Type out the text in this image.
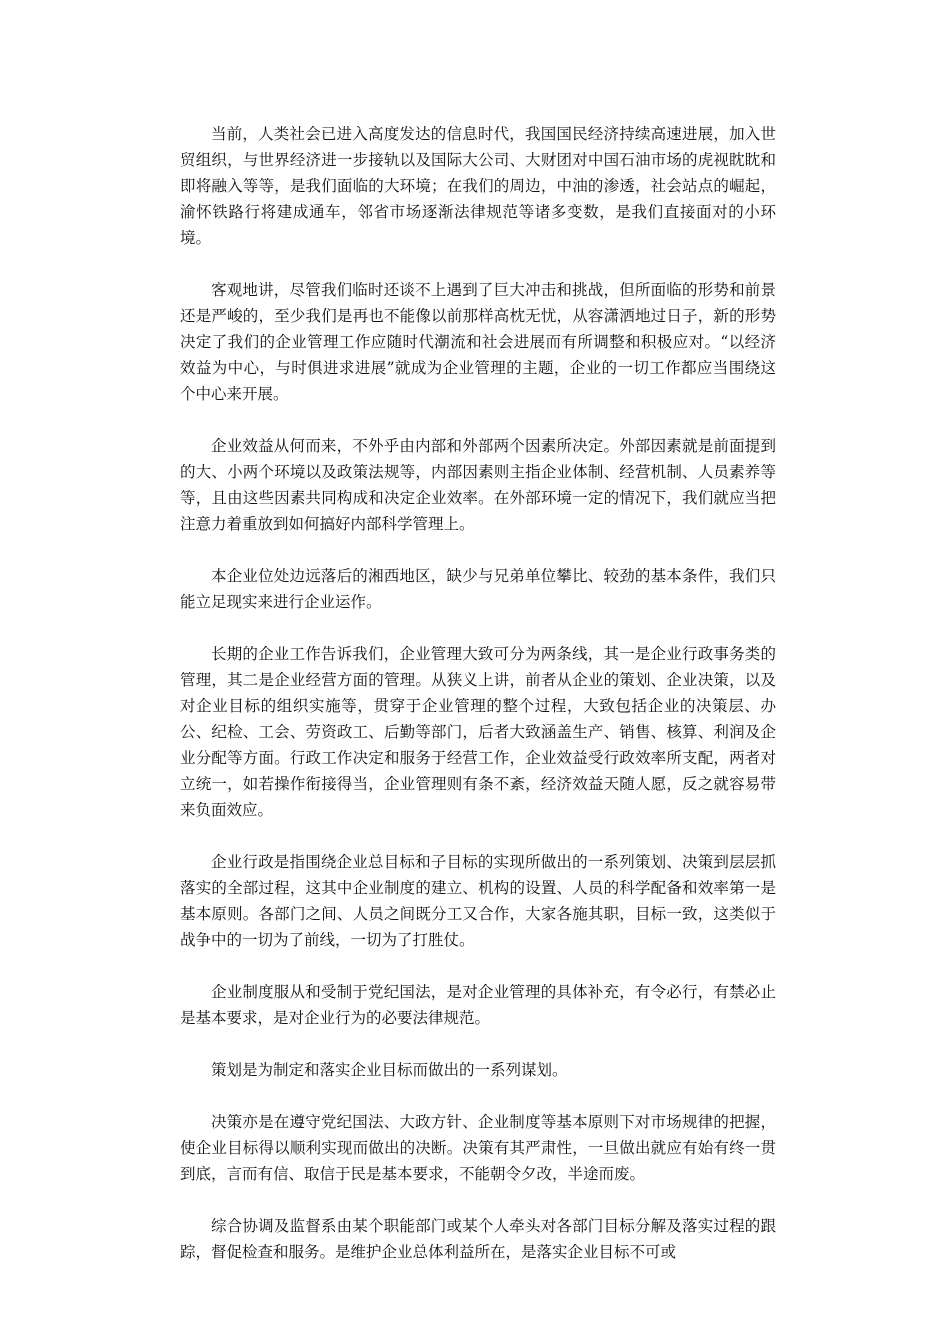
当前，人类社会已进入高度发达的信息时代，我国国民经济持续高速进展，加入世贸组织，与世界经济进一步接轨以及国际大公司、大财团对中国石油市场的虎视眈眈和即将融入等等，是我们面临的大环境；在我们的周边，中油的渗透，社会站点的崛起，渝怀铁路行将建成通车，邻省市场逐渐法律规范等诸多变数，是我们直接面对的小环境。

客观地讲，尽管我们临时还谈不上遇到了巨大冲击和挑战，但所面临的形势和前景还是严峻的，至少我们是再也不能像以前那样高枕无忧，从容潇洒地过日子，新的形势决定了我们的企业管理工作应随时代潮流和社会进展而有所调整和积极应对。“以经济效益为中心，与时俱进求进展”就成为企业管理的主题，企业的一切工作都应当围绕这个中心来开展。

企业效益从何而来，不外乎由内部和外部两个因素所决定。外部因素就是前面提到的大、小两个环境以及政策法规等，内部因素则主指企业体制、经营机制、人员素养等等，且由这些因素共同构成和决定企业效率。在外部环境一定的情况下，我们就应当把注意力着重放到如何搞好内部科学管理上。

本企业位处边远落后的湘西地区，缺少与兄弟单位攀比、较劲的基本条件，我们只能立足现实来进行企业运作。

长期的企业工作告诉我们，企业管理大致可分为两条线，其一是企业行政事务类的管理，其二是企业经营方面的管理。从狭义上讲，前者从企业的策划、企业决策，以及对企业目标的组织实施等，贯穿于企业管理的整个过程，大致包括企业的决策层、办公、纪检、工会、劳资政工、后勤等部门，后者大致涵盖生产、销售、核算、利润及企业分配等方面。行政工作决定和服务于经营工作，企业效益受行政效率所支配，两者对立统一，如若操作衔接得当，企业管理则有条不紊，经济效益天随人愿，反之就容易带来负面效应。

企业行政是指围绕企业总目标和子目标的实现所做出的一系列策划、决策到层层抓落实的全部过程，这其中企业制度的建立、机构的设置、人员的科学配备和效率第一是基本原则。各部门之间、人员之间既分工又合作，大家各施其职，目标一致，这类似于战争中的一切为了前线，一切为了打胜仗。

企业制度服从和受制于党纪国法，是对企业管理的具体补充，有令必行，有禁必止是基本要求，是对企业行为的必要法律规范。

策划是为制定和落实企业目标而做出的一系列谋划。

决策亦是在遵守党纪国法、大政方针、企业制度等基本原则下对市场规律的把握，使企业目标得以顺利实现而做出的决断。决策有其严肃性，一旦做出就应有始有终一贯到底，言而有信、取信于民是基本要求，不能朝令夕改，半途而废。

综合协调及监督系由某个职能部门或某个人牵头对各部门目标分解及落实过程的跟踪，督促检查和服务。是维护企业总体利益所在，是落实企业目标不可或
